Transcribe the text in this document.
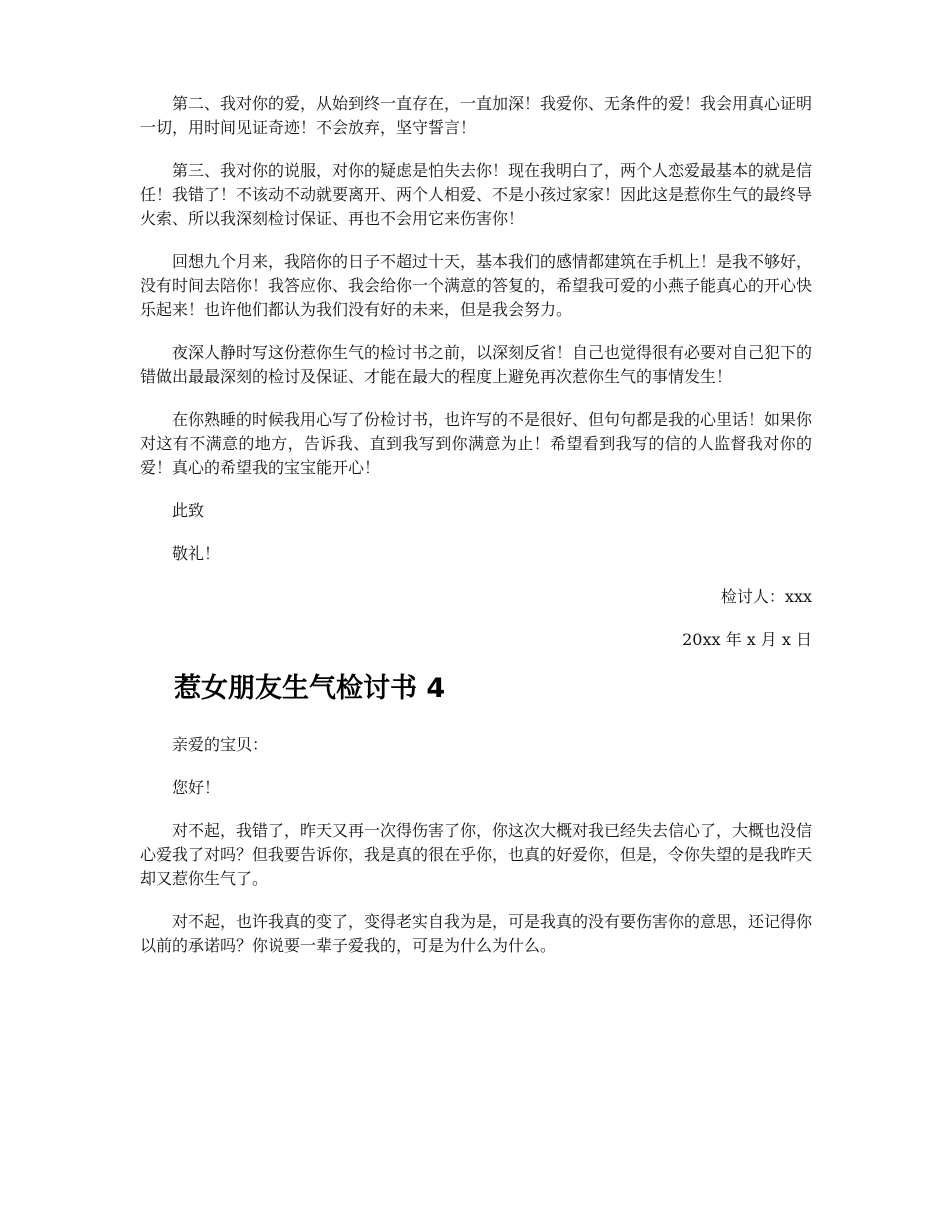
第二、我对你的爱，从始到终一直存在，一直加深！我爱你、无条件的爱！我会用真心证明一切，用时间见证奇迹！不会放弃，坚守誓言！

第三、我对你的说服，对你的疑虑是怕失去你！现在我明白了，两个人恋爱最基本的就是信任！我错了！不该动不动就要离开、两个人相爱、不是小孩过家家！因此这是惹你生气的最终导火索、所以我深刻检讨保证、再也不会用它来伤害你！

回想九个月来，我陪你的日子不超过十天，基本我们的感情都建筑在手机上！是我不够好，没有时间去陪你！我答应你、我会给你一个满意的答复的，希望我可爱的小燕子能真心的开心快乐起来！也许他们都认为我们没有好的未来，但是我会努力。

夜深人静时写这份惹你生气的检讨书之前，以深刻反省！自己也觉得很有必要对自己犯下的错做出最最深刻的检讨及保证、才能在最大的程度上避免再次惹你生气的事情发生！

在你熟睡的时候我用心写了份检讨书，也许写的不是很好、但句句都是我的心里话！如果你对这有不满意的地方，告诉我、直到我写到你满意为止！希望看到我写的信的人监督我对你的爱！真心的希望我的宝宝能开心！

此致

敬礼！

检讨人：xxx

20xx 年 x 月 x 日

惹女朋友生气检讨书 4

亲爱的宝贝：

您好！

对不起，我错了，昨天又再一次得伤害了你，你这次大概对我已经失去信心了，大概也没信心爱我了对吗？但我要告诉你，我是真的很在乎你，也真的好爱你，但是，令你失望的是我昨天却又惹你生气了。

对不起，也许我真的变了，变得老实自我为是，可是我真的没有要伤害你的意思，还记得你以前的承诺吗？你说要一辈子爱我的，可是为什么为什么。
